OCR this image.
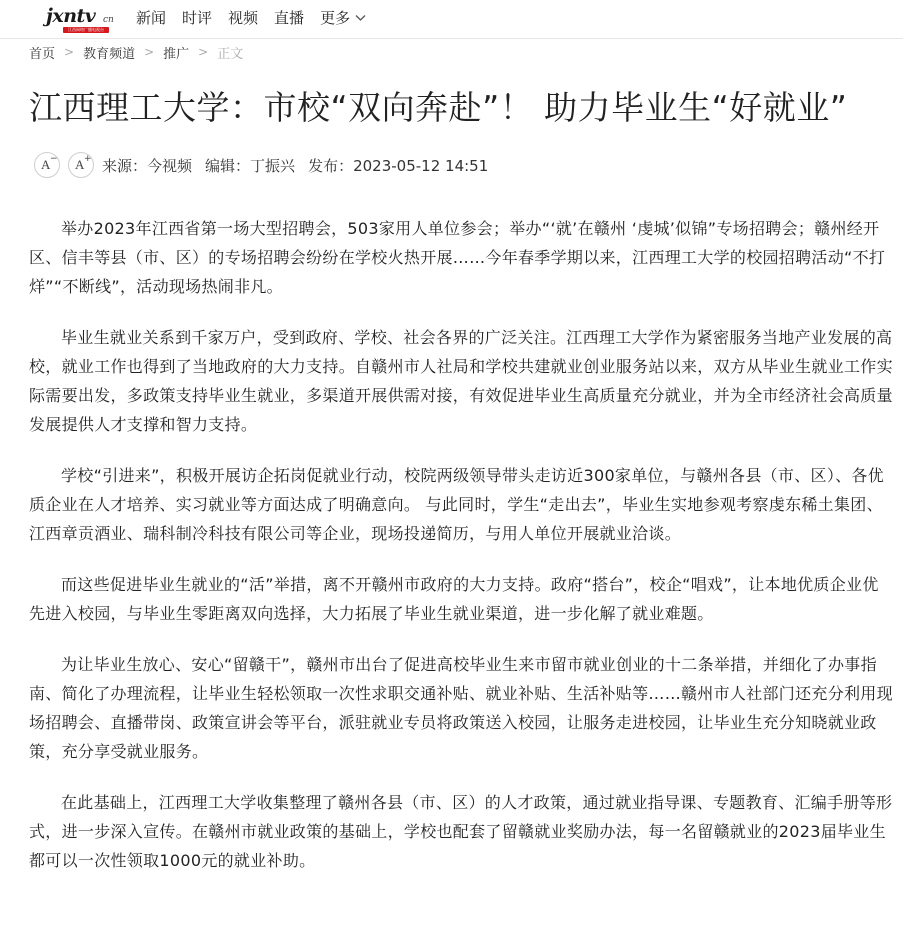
jxntv cn
江西网络广播电视台
新闻 时评 视频 直播 更多
首页 > 教育频道 > 推广 > 正文
江西理工大学：市校“双向奔赴”！ 助力毕业生“好就业”
A − A + 来源：今视频 编辑：丁振兴 发布：2023-05-12 14:51

举办2023年江西省第一场大型招聘会，503家用人单位参会；举办“‘就’在赣州 ‘虔城’似锦”专场招聘会；赣州经开区、信丰等县（市、区）的专场招聘会纷纷在学校火热开展……今年春季学期以来，江西理工大学的校园招聘活动“不打烊”“不断线”，活动现场热闹非凡。

毕业生就业关系到千家万户，受到政府、学校、社会各界的广泛关注。江西理工大学作为紧密服务当地产业发展的高校，就业工作也得到了当地政府的大力支持。自赣州市人社局和学校共建就业创业服务站以来，双方从毕业生就业工作实际需要出发，多政策支持毕业生就业，多渠道开展供需对接，有效促进毕业生高质量充分就业，并为全市经济社会高质量发展提供人才支撑和智力支持。

学校“引进来”，积极开展访企拓岗促就业行动，校院两级领导带头走访近300家单位，与赣州各县（市、区）、各优质企业在人才培养、实习就业等方面达成了明确意向。 与此同时，学生“走出去”，毕业生实地参观考察虔东稀土集团、江西章贡酒业、瑞科制冷科技有限公司等企业，现场投递简历，与用人单位开展就业洽谈。

而这些促进毕业生就业的“活”举措，离不开赣州市政府的大力支持。政府“搭台”，校企“唱戏”，让本地优质企业优先进入校园，与毕业生零距离双向选择，大力拓展了毕业生就业渠道，进一步化解了就业难题。

为让毕业生放心、安心“留赣干”，赣州市出台了促进高校毕业生来市留市就业创业的十二条举措，并细化了办事指南、简化了办理流程，让毕业生轻松领取一次性求职交通补贴、就业补贴、生活补贴等……赣州市人社部门还充分利用现场招聘会、直播带岗、政策宣讲会等平台，派驻就业专员将政策送入校园，让服务走进校园，让毕业生充分知晓就业政策，充分享受就业服务。

在此基础上，江西理工大学收集整理了赣州各县（市、区）的人才政策，通过就业指导课、专题教育、汇编手册等形式，进一步深入宣传。在赣州市就业政策的基础上，学校也配套了留赣就业奖励办法，每一名留赣就业的2023届毕业生都可以一次性领取1000元的就业补助。
